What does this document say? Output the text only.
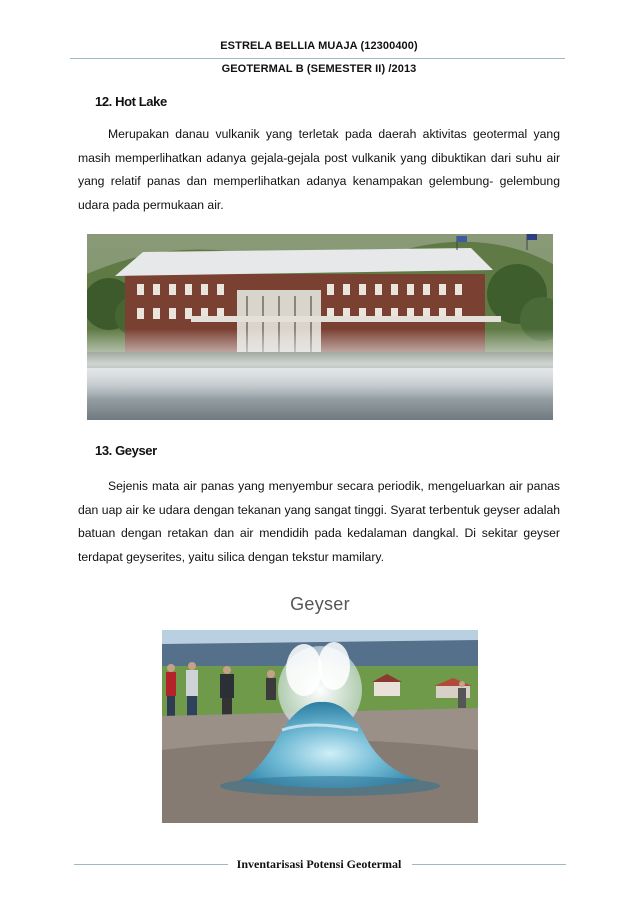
ESTRELA BELLIA MUAJA (12300400)
GEOTERMAL B (SEMESTER II) /2013
12. Hot Lake

Merupakan danau vulkanik yang terletak pada daerah aktivitas geotermal yang masih memperlihatkan adanya gejala-gejala post vulkanik yang dibuktikan dari suhu air yang relatif panas dan memperlihatkan adanya kenampakan gelembung- gelembung udara pada permukaan air.

13. Geyser

Sejenis mata air panas yang menyembur secara periodik, mengeluarkan air panas dan uap air ke udara dengan tekanan yang sangat tinggi. Syarat terbentuk geyser adalah batuan dengan retakan dan air mendidih pada kedalaman dangkal. Di sekitar geyser terdapat geyserites, yaitu silica dengan tekstur mamilary.

Geyser
Inventarisasi Potensi Geotermal
